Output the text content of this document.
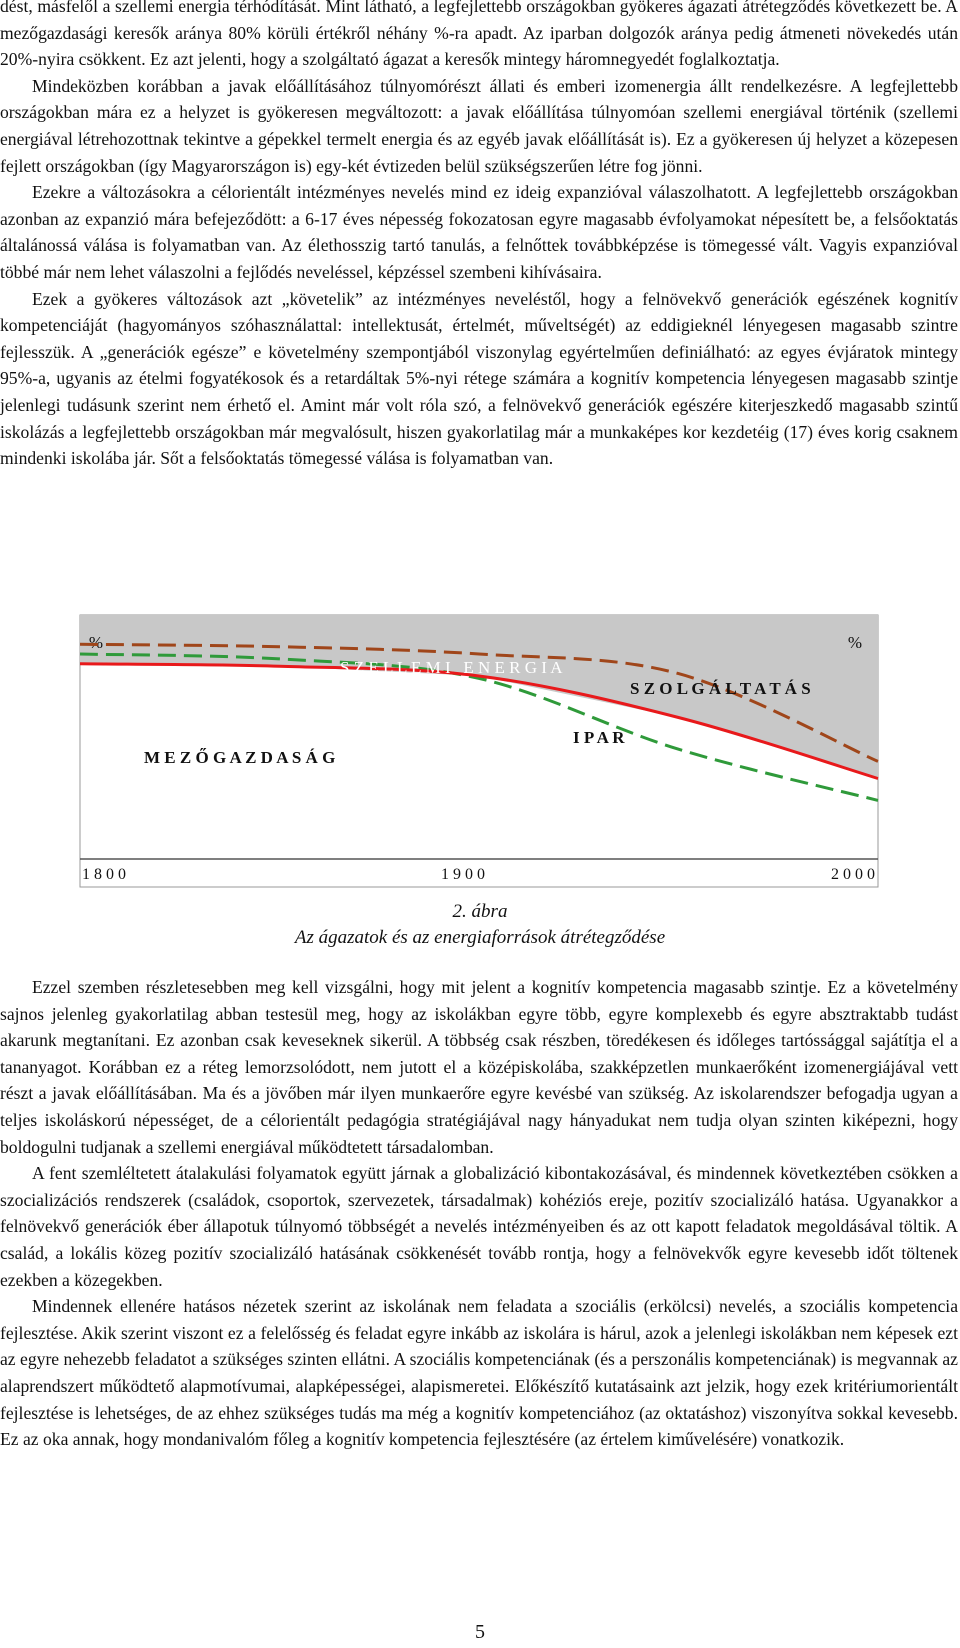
dést, másfelől a szellemi energia térhódítását. Mint látható, a legfejlettebb országokban gyökeres ágazati átrétegződés következett be. A mezőgazdasági keresők aránya 80% körüli értékről néhány %-ra apadt. Az iparban dolgozók aránya pedig átmeneti növekedés után 20%-nyira csökkent. Ez azt jelenti, hogy a szolgáltató ágazat a keresők mintegy háromnegyedét foglalkoztatja.

Mindeközben korábban a javak előállításához túlnyomórészt állati és emberi izomenergia állt rendelkezésre. A legfejlettebb országokban mára ez a helyzet is gyökeresen megváltozott: a javak előállítása túlnyomóan szellemi energiával történik (szellemi energiával létrehozottnak tekintve a gépekkel termelt energia és az egyéb javak előállítását is). Ez a gyökeresen új helyzet a közepesen fejlett országokban (így Magyarországon is) egy-két évtizeden belül szükségszerűen létre fog jönni.

Ezekre a változásokra a célorientált intézményes nevelés mind ez ideig expanzióval válaszolhatott. A legfejlettebb országokban azonban az expanzió mára befejeződött: a 6-17 éves népesség fokozatosan egyre magasabb évfolyamokat népesített be, a felsőoktatás általánossá válása is folyamatban van. Az élethosszig tartó tanulás, a felnőttek továbbképzése is tömegessé vált. Vagyis expanzióval többé már nem lehet válaszolni a fejlődés neveléssel, képzéssel szembeni kihívásaira.

Ezek a gyökeres változások azt „követelik” az intézményes neveléstől, hogy a felnövekvő generációk egészének kognitív kompetenciáját (hagyományos szóhasználattal: intellektusát, értelmét, műveltségét) az eddigieknél lényegesen magasabb szintre fejlesszük. A „generációk egésze” e követelmény szempontjából viszonylag egyértelműen definiálható: az egyes évjáratok mintegy 95%-a, ugyanis az ételmi fogyatékosok és a retardáltak 5%-nyi rétege számára a kognitív kompetencia lényegesen magasabb szintje jelenlegi tudásunk szerint nem érhető el. Amint már volt róla szó, a felnövekvő generációk egészére kiterjeszkedő magasabb szintű iskolázás a legfejlettebb országokban már megvalósult, hiszen gyakorlatilag már a munkaképes kor kezdetéig (17) éves korig csaknem mindenki iskolába jár. Sőt a felsőoktatás tömegessé válása is folyamatban van.

%	%
S Z E L L E M I   E N E R G I A
S Z O L G Á L T A T Á S
I P A R
M E Z Ő G A Z D A S Á G
Á L L A T I   É S   E M B E R I   I Z O M E N E R G I A
1 8 0 0	1 9 0 0	2 0 0 0
2. ábra
Az ágazatok és az energiaforrások átrétegződése

Ezzel szemben részletesebben meg kell vizsgálni, hogy mit jelent a kognitív kompetencia magasabb szintje. Ez a követelmény sajnos jelenleg gyakorlatilag abban testesül meg, hogy az iskolákban egyre több, egyre komplexebb és egyre absztraktabb tudást akarunk megtanítani. Ez azonban csak keveseknek sikerül. A többség csak részben, töredékesen és időleges tartóssággal sajátítja el a tananyagot. Korábban ez a réteg lemorzsolódott, nem jutott el a középiskolába, szakképzetlen munkaerőként izomenergiájával vett részt a javak előállításában. Ma és a jövőben már ilyen munkaerőre egyre kevésbé van szükség. Az iskolarendszer befogadja ugyan a teljes iskoláskorú népességet, de a célorientált pedagógia stratégiájával nagy hányadukat nem tudja olyan szinten kiképezni, hogy boldogulni tudjanak a szellemi energiával működtetett társadalomban.

A fent szemléltetett átalakulási folyamatok együtt járnak a globalizáció kibontakozásával, és mindennek következtében csökken a szocializációs rendszerek (családok, csoportok, szervezetek, társadalmak) kohéziós ereje, pozitív szocializáló hatása. Ugyanakkor a felnövekvő generációk éber állapotuk túlnyomó többségét a nevelés intézményeiben és az ott kapott feladatok megoldásával töltik. A család, a lokális közeg pozitív szocializáló hatásának csökkenését tovább rontja, hogy a felnövekvők egyre kevesebb időt töltenek ezekben a közegekben.

Mindennek ellenére hatásos nézetek szerint az iskolának nem feladata a szociális (erkölcsi) nevelés, a szociális kompetencia fejlesztése. Akik szerint viszont ez a felelősség és feladat egyre inkább az iskolára is hárul, azok a jelenlegi iskolákban nem képesek ezt az egyre nehezebb feladatot a szükséges szinten ellátni. A szociális kompetenciának (és a perszonális kompetenciának) is megvannak az alaprendszert működtető alapmotívumai, alapképességei, alapismeretei. Előkészítő kutatásaink azt jelzik, hogy ezek kritériumorientált fejlesztése is lehetséges, de az ehhez szükséges tudás ma még a kognitív kompetenciához (az oktatáshoz) viszonyítva sokkal kevesebb. Ez az oka annak, hogy mondanivalóm főleg a kognitív kompetencia fejlesztésére (az értelem kiművelésére) vonatkozik.

5
